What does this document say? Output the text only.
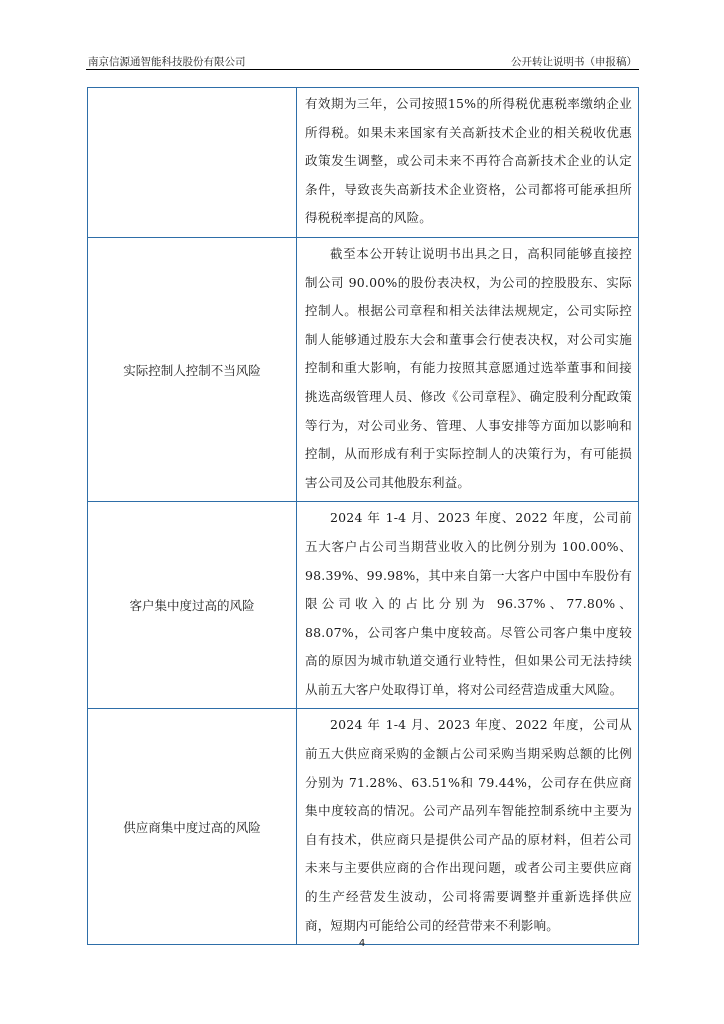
南京信源通智能科技股份有限公司	公开转让说明书（申报稿）

	有效期为三年，公司按照15%的所得税优惠税率缴纳企业所得税。如果未来国家有关高新技术企业的相关税收优惠政策发生调整，或公司未来不再符合高新技术企业的认定条件，导致丧失高新技术企业资格，公司都将可能承担所得税税率提高的风险。

实际控制人控制不当风险	截至本公开转让说明书出具之日，高积同能够直接控制公司 90.00%的股份表决权，为公司的控股股东、实际控制人。根据公司章程和相关法律法规规定，公司实际控制人能够通过股东大会和董事会行使表决权，对公司实施控制和重大影响，有能力按照其意愿通过选举董事和间接挑选高级管理人员、修改《公司章程》、确定股利分配政策等行为，对公司业务、管理、人事安排等方面加以影响和控制，从而形成有利于实际控制人的决策行为，有可能损害公司及公司其他股东利益。

客户集中度过高的风险	2024 年 1-4 月、2023 年度、2022 年度，公司前五大客户占公司当期营业收入的比例分别为 100.00%、98.39%、99.98%，其中来自第一大客户中国中车股份有限公司收入的占比分别为 96.37%、77.80%、88.07%，公司客户集中度较高。尽管公司客户集中度较高的原因为城市轨道交通行业特性，但如果公司无法持续从前五大客户处取得订单，将对公司经营造成重大风险。

供应商集中度过高的风险	2024 年 1-4 月、2023 年度、2022 年度，公司从前五大供应商采购的金额占公司采购当期采购总额的比例分别为 71.28%、63.51%和 79.44%，公司存在供应商集中度较高的情况。公司产品列车智能控制系统中主要为自有技术，供应商只是提供公司产品的原材料，但若公司未来与主要供应商的合作出现问题，或者公司主要供应商的生产经营发生波动，公司将需要调整并重新选择供应商，短期内可能给公司的经营带来不利影响。

4
